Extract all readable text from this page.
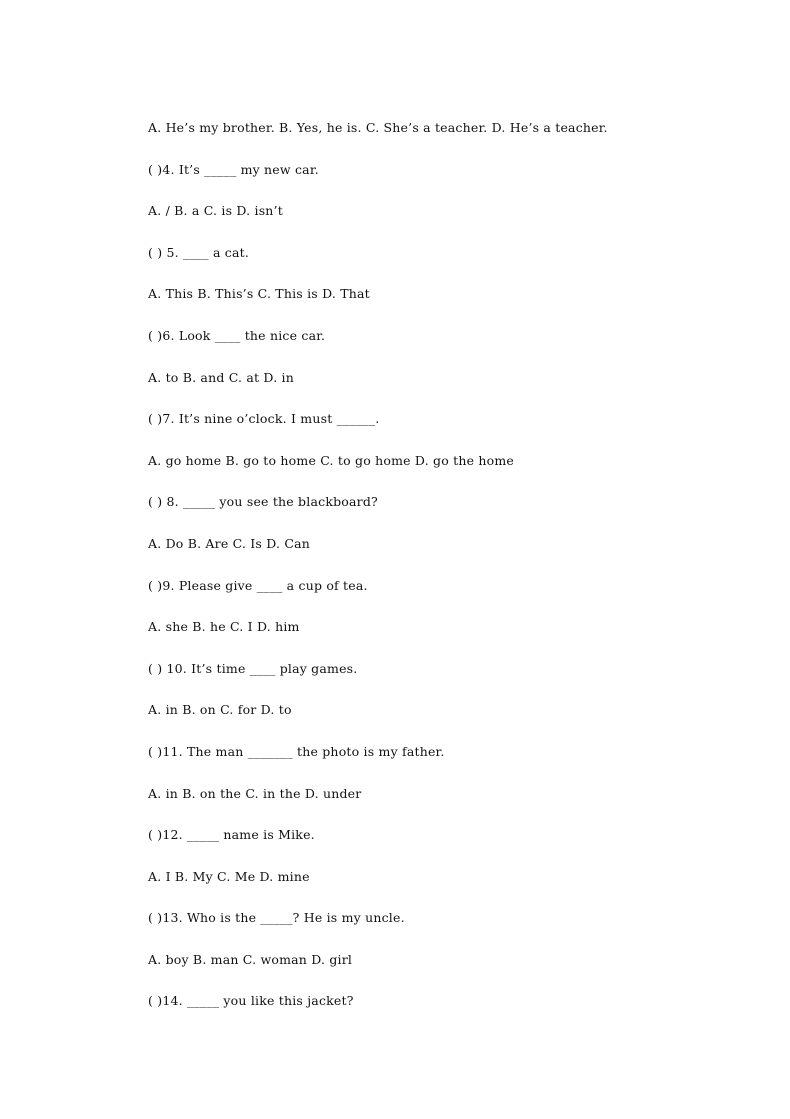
A. He’s my brother. B. Yes, he is. C. She’s a teacher. D. He’s a teacher.
( )4. It’s _____ my new car.
A. / B. a C. is D. isn’t
( ) 5. ____ a cat.
A. This B. This’s C. This is D. That
( )6. Look ____ the nice car.
A. to B. and C. at D. in
( )7. It’s nine o’clock. I must ______.
A. go home B. go to home C. to go home D. go the home
( ) 8. _____ you see the blackboard?
A. Do B. Are C. Is D. Can
( )9. Please give ____ a cup of tea.
A. she B. he C. I D. him
( ) 10. It’s time ____ play games.
A. in B. on C. for D. to
( )11. The man _______ the photo is my father.
A. in B. on the C. in the D. under
( )12. _____ name is Mike.
A. I B. My C. Me D. mine
( )13. Who is the _____? He is my uncle.
A. boy B. man C. woman D. girl
( )14. _____ you like this jacket?
